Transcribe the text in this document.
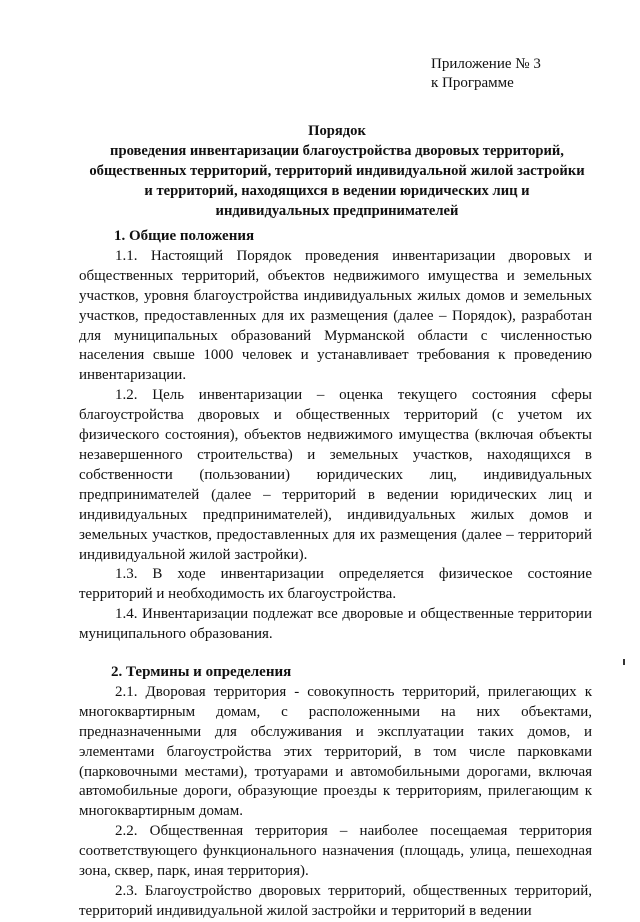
Приложение № 3
к Программе
Порядок
проведения инвентаризации благоустройства дворовых территорий,
общественных территорий, территорий индивидуальной жилой застройки
и территорий, находящихся в ведении юридических лиц и
индивидуальных предпринимателей
1. Общие положения

1.1. Настоящий Порядок проведения инвентаризации дворовых и общественных территорий, объектов недвижимого имущества и земельных участков, уровня благоустройства индивидуальных жилых домов и земельных участков, предоставленных для их размещения (далее – Порядок), разработан для муниципальных образований Мурманской области с численностью населения свыше 1000 человек и устанавливает требования к проведению инвентаризации.

1.2. Цель инвентаризации – оценка текущего состояния сферы благоустройства дворовых и общественных территорий (с учетом их физического состояния), объектов недвижимого имущества (включая объекты незавершенного строительства) и земельных участков, находящихся в собственности (пользовании) юридических лиц, индивидуальных предпринимателей (далее – территорий в ведении юридических лиц и индивидуальных предпринимателей), индивидуальных жилых домов и земельных участков, предоставленных для их размещения (далее – территорий индивидуальной жилой застройки).

1.3. В ходе инвентаризации определяется физическое состояние территорий и необходимость их благоустройства.

1.4. Инвентаризации подлежат все дворовые и общественные территории муниципального образования.

2. Термины и определения

2.1. Дворовая территория - совокупность территорий, прилегающих к многоквартирным домам, с расположенными на них объектами, предназначенными для обслуживания и эксплуатации таких домов, и элементами благоустройства этих территорий, в том числе парковками (парковочными местами), тротуарами и автомобильными дорогами, включая автомобильные дороги, образующие проезды к территориям, прилегающим к многоквартирным домам.

2.2. Общественная территория – наиболее посещаемая территория соответствующего функционального назначения (площадь, улица, пешеходная зона, сквер, парк, иная территория).

2.3. Благоустройство дворовых территорий, общественных территорий, территорий индивидуальной жилой застройки и территорий в ведении
